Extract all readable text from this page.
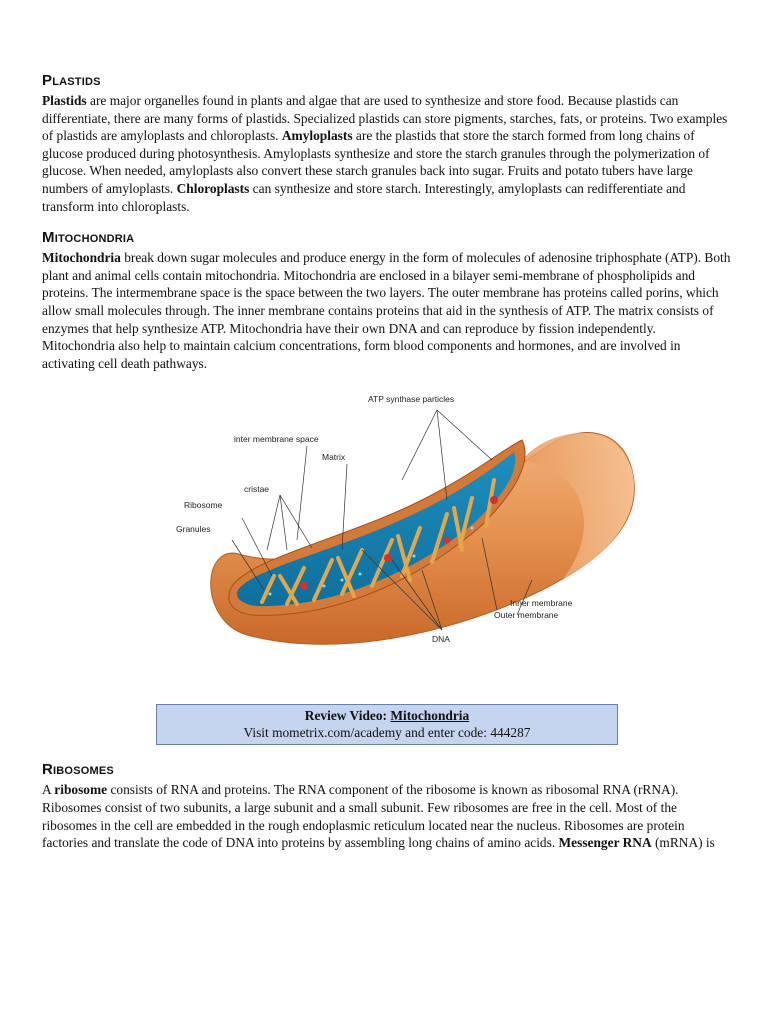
Plastids

Plastids are major organelles found in plants and algae that are used to synthesize and store food. Because plastids can differentiate, there are many forms of plastids. Specialized plastids can store pigments, starches, fats, or proteins. Two examples of plastids are amyloplasts and chloroplasts. Amyloplasts are the plastids that store the starch formed from long chains of glucose produced during photosynthesis. Amyloplasts synthesize and store the starch granules through the polymerization of glucose. When needed, amyloplasts also convert these starch granules back into sugar. Fruits and potato tubers have large numbers of amyloplasts. Chloroplasts can synthesize and store starch. Interestingly, amyloplasts can redifferentiate and transform into chloroplasts.

Mitochondria

Mitochondria break down sugar molecules and produce energy in the form of molecules of adenosine triphosphate (ATP). Both plant and animal cells contain mitochondria. Mitochondria are enclosed in a bilayer semi-membrane of phospholipids and proteins. The intermembrane space is the space between the two layers. The outer membrane has proteins called porins, which allow small molecules through. The inner membrane contains proteins that aid in the synthesis of ATP. The matrix consists of enzymes that help synthesize ATP. Mitochondria have their own DNA and can reproduce by fission independently. Mitochondria also help to maintain calcium concentrations, form blood components and hormones, and are involved in activating cell death pathways.

ATP synthase particles
inter membrane space
Matrix
cristae
Ribosome
Granules
Inner membrane
Outer membrane
DNA
Review Video: Mitochondria
Visit mometrix.com/academy and enter code: 444287
Ribosomes

A ribosome consists of RNA and proteins. The RNA component of the ribosome is known as ribosomal RNA (rRNA). Ribosomes consist of two subunits, a large subunit and a small subunit. Few ribosomes are free in the cell. Most of the ribosomes in the cell are embedded in the rough endoplasmic reticulum located near the nucleus. Ribosomes are protein factories and translate the code of DNA into proteins by assembling long chains of amino acids. Messenger RNA (mRNA) is
